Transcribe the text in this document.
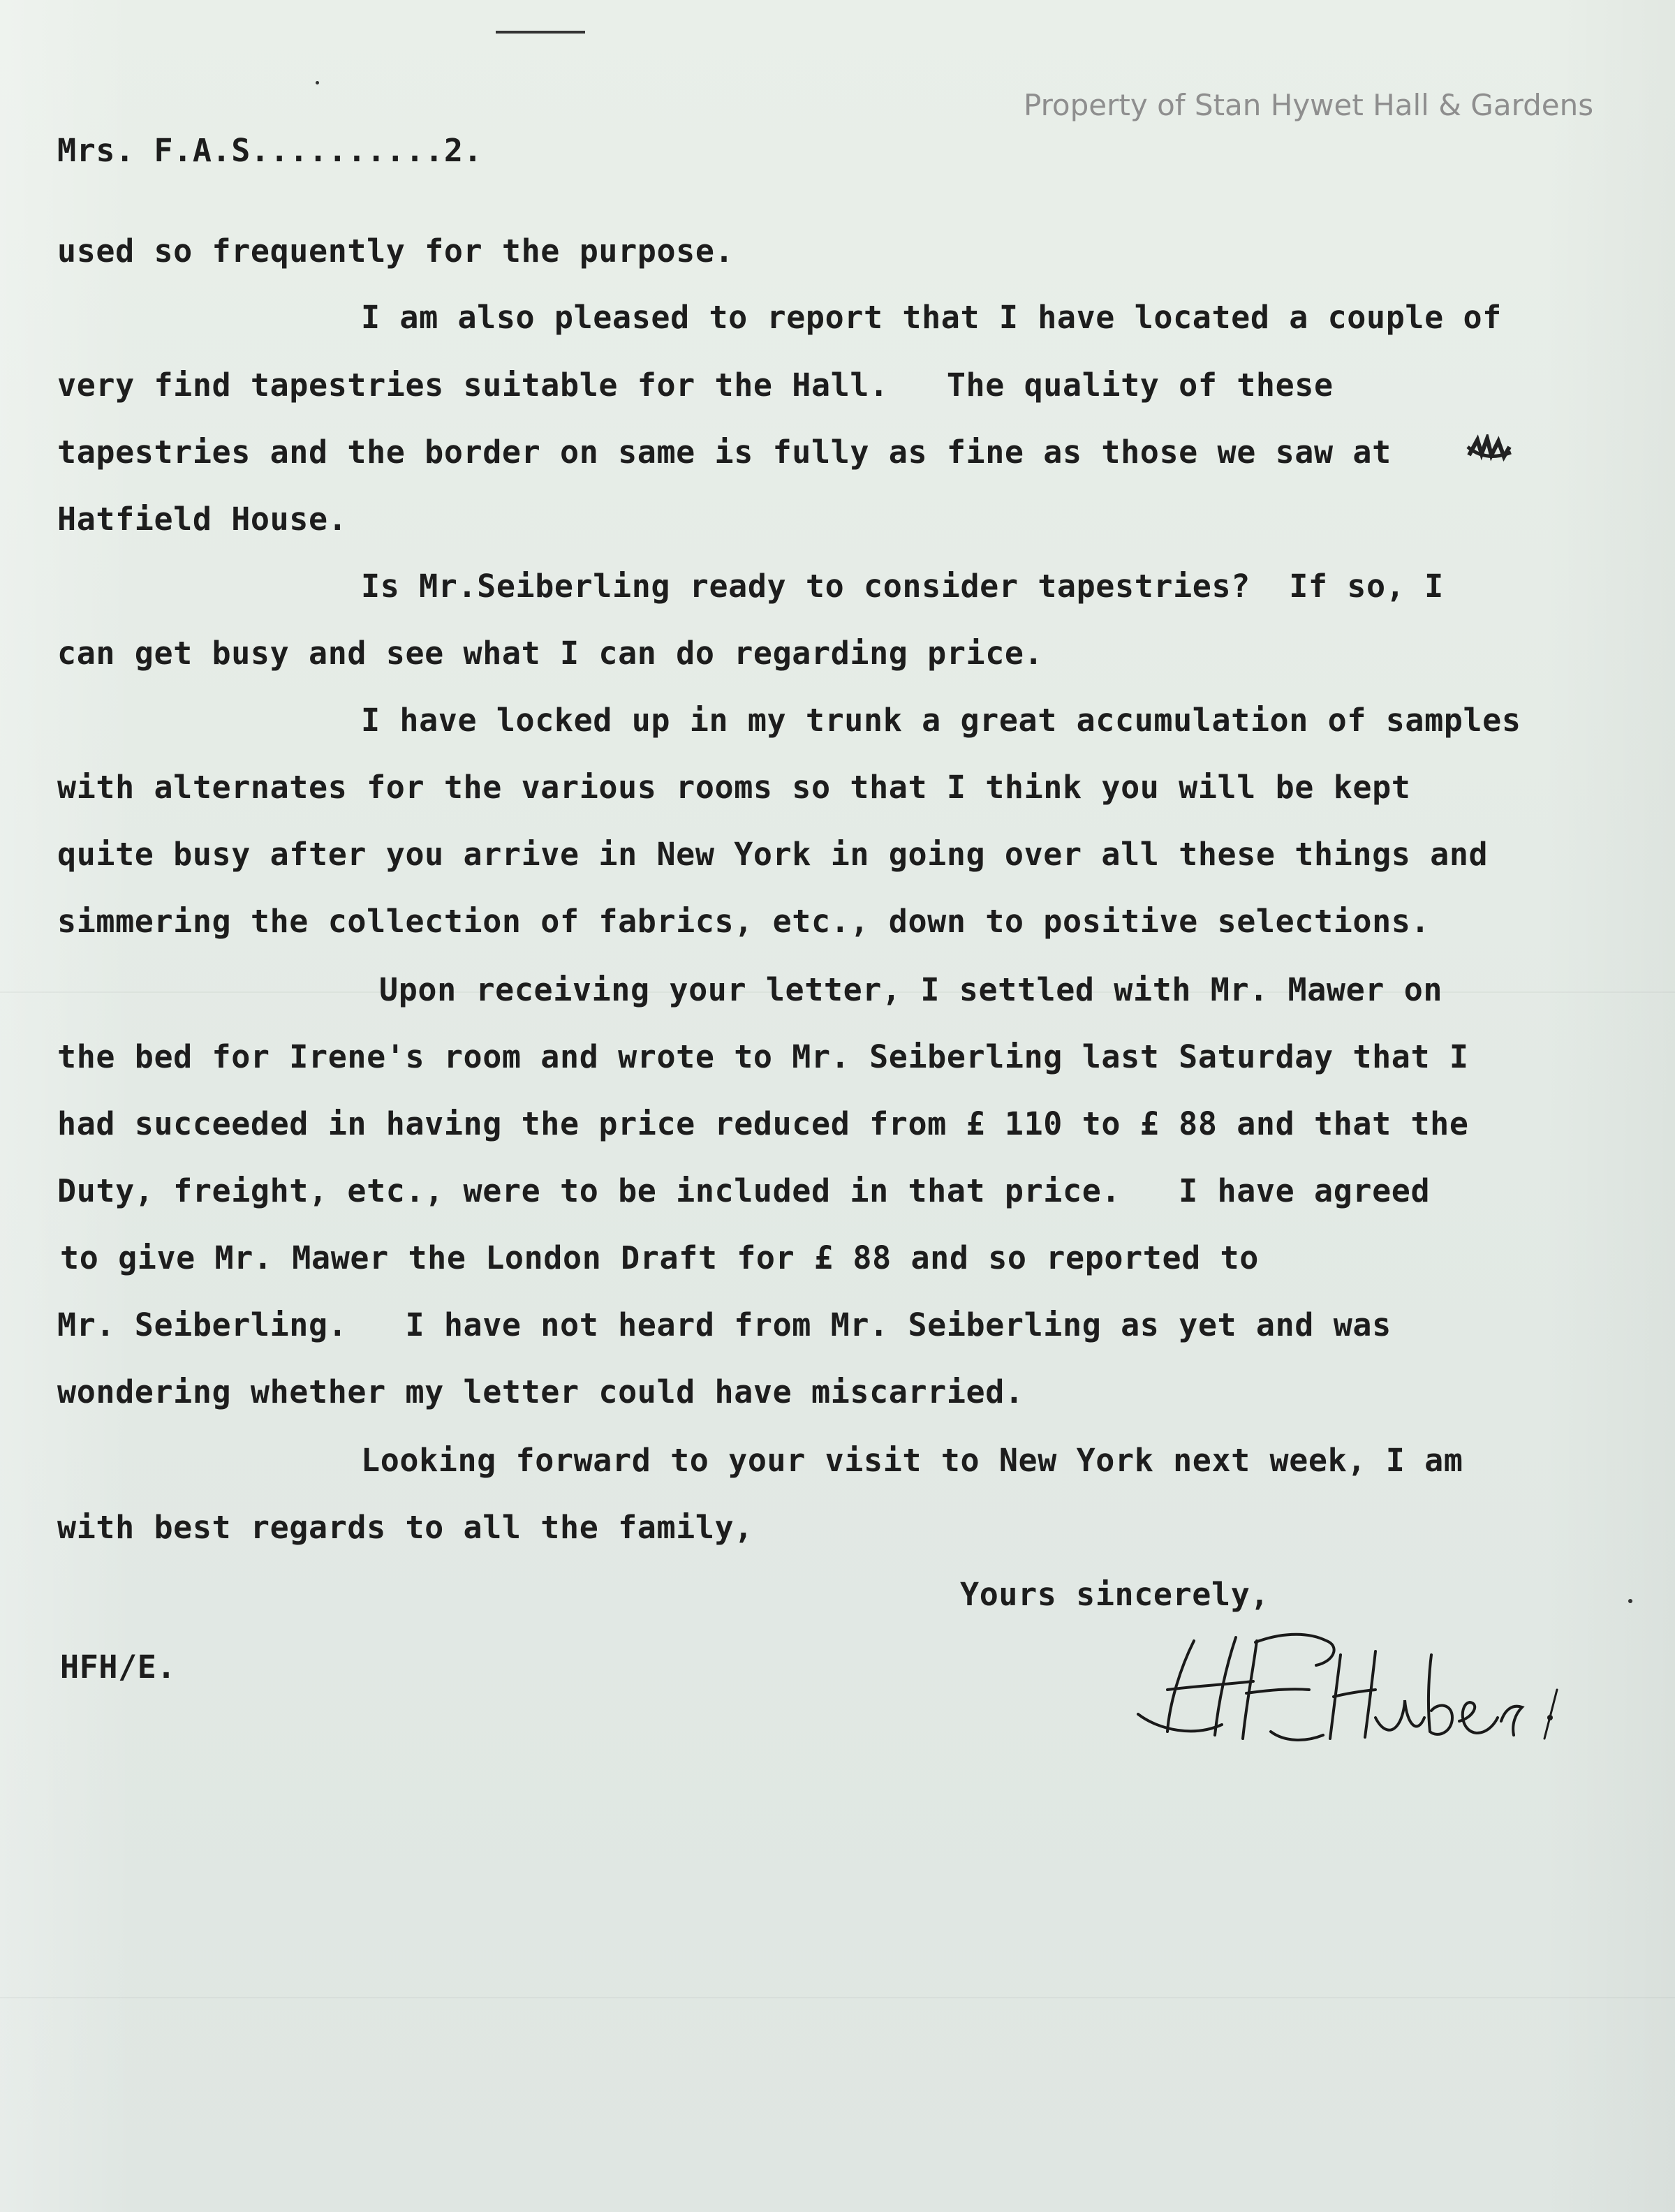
Property of Stan Hywet Hall & Gardens
Mrs. F.A.S..........2.
used so frequently for the purpose.
I am also pleased to report that I have located a couple of
very find tapestries suitable for the Hall.   The quality of these
tapestries and the border on same is fully as fine as those we saw at
Hatfield House.
Is Mr.Seiberling ready to consider tapestries?  If so, I
can get busy and see what I can do regarding price.
I have locked up in my trunk a great accumulation of samples
with alternates for the various rooms so that I think you will be kept
quite busy after you arrive in New York in going over all these things and
simmering the collection of fabrics, etc., down to positive selections.
Upon receiving your letter, I settled with Mr. Mawer on
the bed for Irene's room and wrote to Mr. Seiberling last Saturday that I
had succeeded in having the price reduced from £ 110 to £ 88 and that the
Duty, freight, etc., were to be included in that price.   I have agreed
to give Mr. Mawer the London Draft for £ 88 and so reported to
Mr. Seiberling.   I have not heard from Mr. Seiberling as yet and was
wondering whether my letter could have miscarried.
Looking forward to your visit to New York next week, I am
with best regards to all the family,
Yours sincerely,
HFH/E.
